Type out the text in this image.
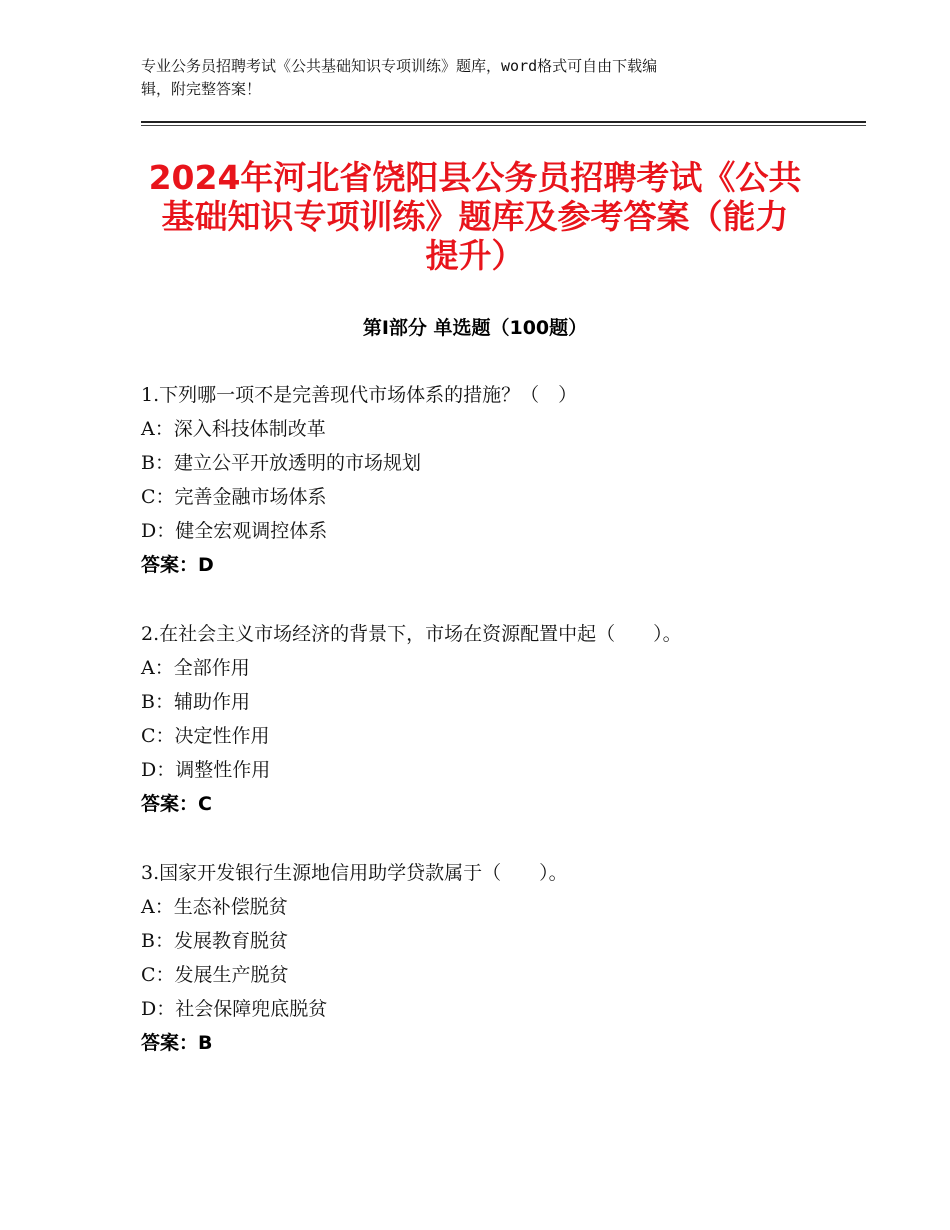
专业公务员招聘考试《公共基础知识专项训练》题库，word格式可自由下载编
辑，附完整答案！
2024年河北省饶阳县公务员招聘考试《公共
基础知识专项训练》题库及参考答案（能力
提升）
第Ⅰ部分 单选题（100题）
1.下列哪一项不是完善现代市场体系的措施？（　）
A：深入科技体制改革
B：建立公平开放透明的市场规划
C：完善金融市场体系
D：健全宏观调控体系
答案：D
2.在社会主义市场经济的背景下，市场在资源配置中起（　　）。
A：全部作用
B：辅助作用
C：决定性作用
D：调整性作用
答案：C
3.国家开发银行生源地信用助学贷款属于（　　）。
A：生态补偿脱贫
B：发展教育脱贫
C：发展生产脱贫
D：社会保障兜底脱贫
答案：B
